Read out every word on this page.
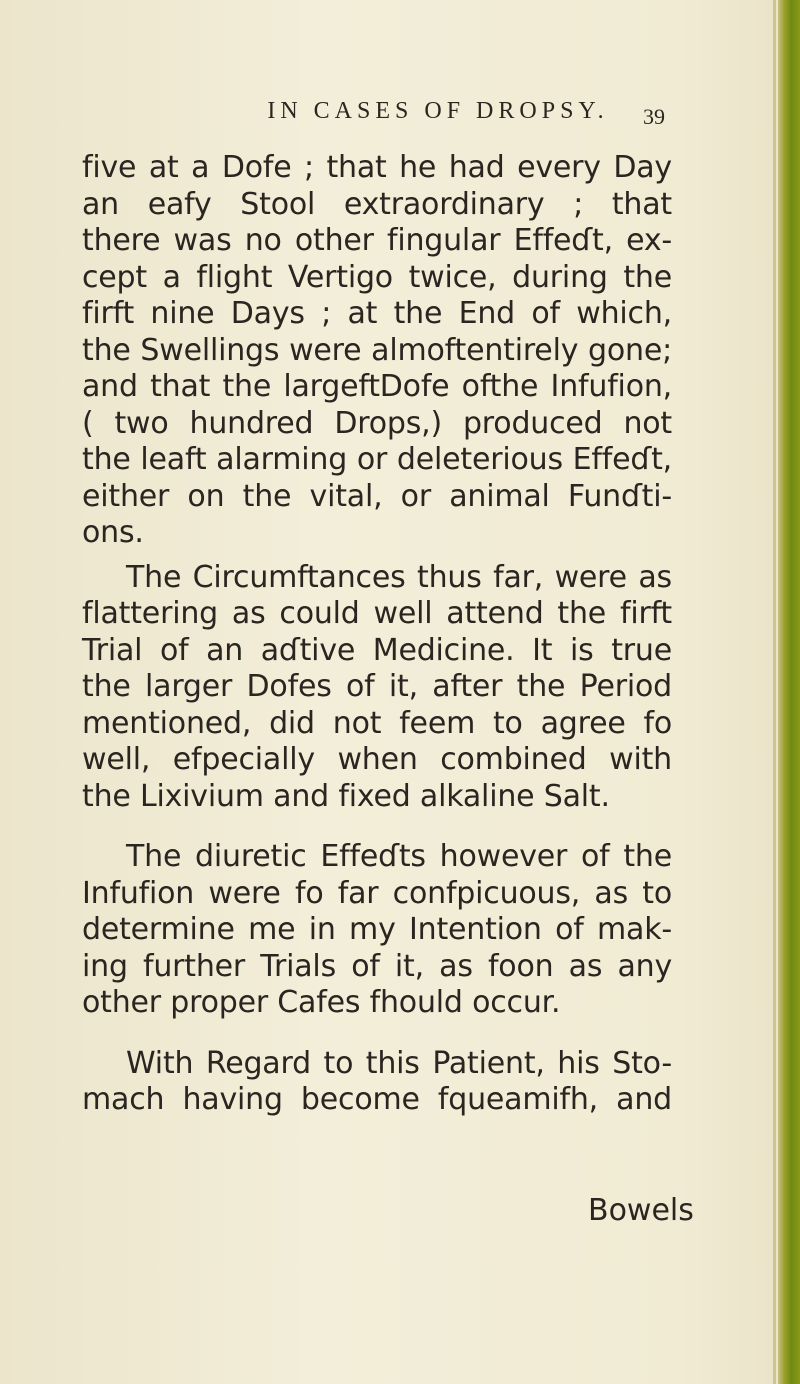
IN CASES OF DROPSY. 39
five at a Dofe ; that he had every Day
an eafy Stool extraordinary ; that
there was no other fingular Effeɗt, ex-
cept a flight Vertigo twice, during the
firft nine Days ; at the End of which,
the Swellings were almoftentirely gone;
and that the largeftDofe ofthe Infufion,
( two hundred Drops,) produced not
the leaft alarming or deleterious Effeɗt,
either on the vital, or animal Funɗti-
ons.
The Circumftances thus far, were as
flattering as could well attend the firft
Trial of an aɗtive Medicine. It is true
the larger Dofes of it, after the Period
mentioned, did not feem to agree fo
well, efpecially when combined with
the Lixivium and fixed alkaline Salt.
The diuretic Effeɗts however of the
Infufion were fo far confpicuous, as to
determine me in my Intention of mak-
ing further Trials of it, as foon as any
other proper Cafes fhould occur.
With Regard to this Patient, his Sto-
mach having become fqueamifh, and
Bowels
